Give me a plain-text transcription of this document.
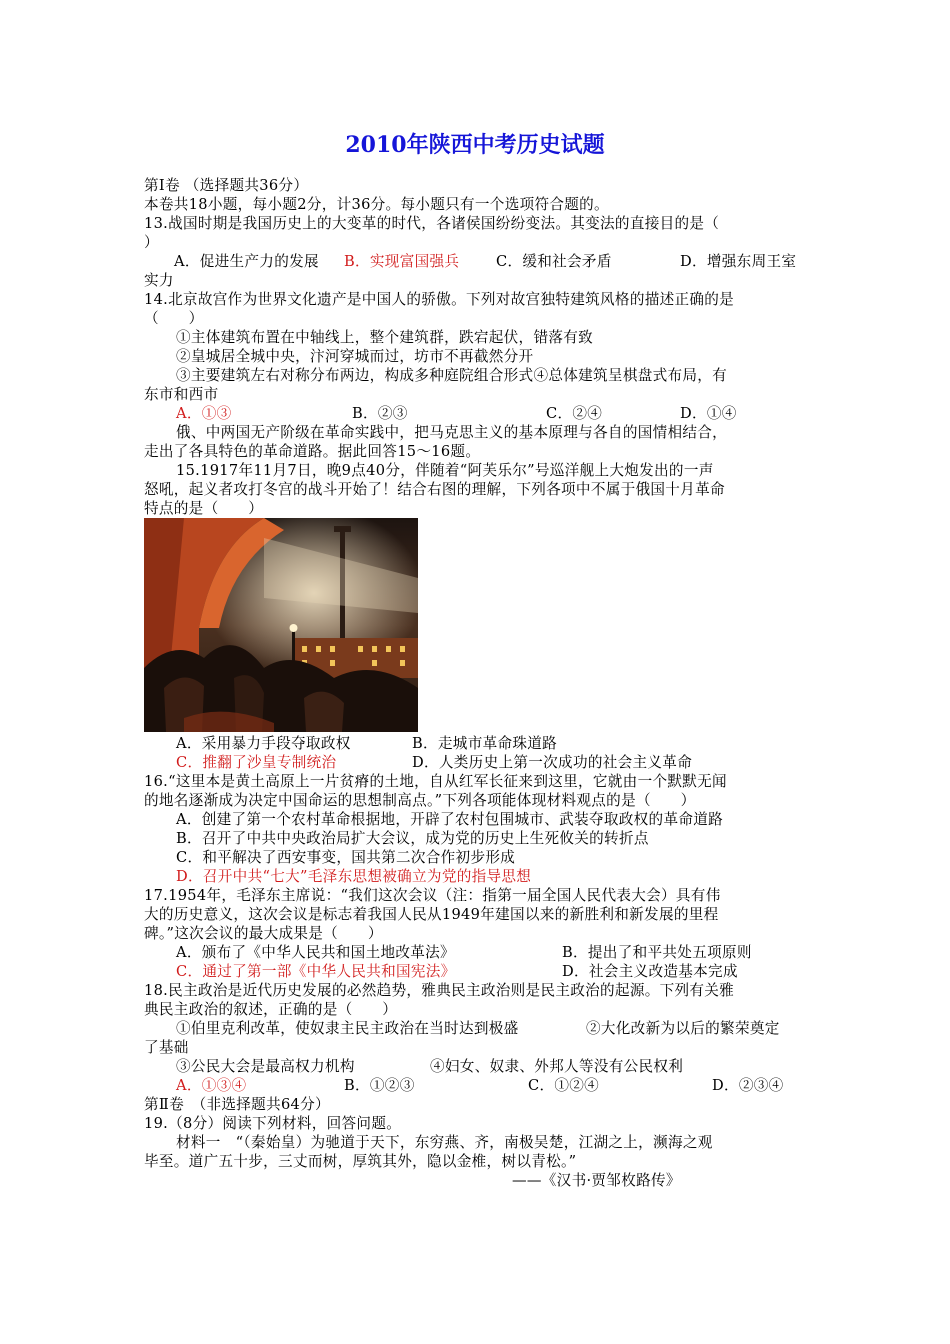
2010年陕西中考历史试题
第Ⅰ卷 （选择题共36分）
本卷共18小题，每小题2分，计36分。每小题只有一个选项符合题的。
13.战国时期是我国历史上的大变革的时代，各诸侯国纷纷变法。其变法的直接目的是（
）
A．促进生产力的发展 B．实现富国强兵	C．缓和社会矛盾	D．增强东周王室
实力
14.北京故宫作为世界文化遗产是中国人的骄傲。下列对故宫独特建筑风格的描述正确的是
（　　）
①主体建筑布置在中轴线上，整个建筑群，跌宕起伏，错落有致
②皇城居全城中央，汴河穿城而过，坊市不再截然分开
③主要建筑左右对称分布两边，构成多种庭院组合形式④总体建筑呈棋盘式布局，有
东市和西市
A．①③	B．②③	C．②④	D．①④
俄、中两国无产阶级在革命实践中，把马克思主义的基本原理与各自的国情相结合，
走出了各具特色的革命道路。据此回答15～16题。
15.1917年11月7日，晚9点40分，伴随着“阿芙乐尔”号巡洋舰上大炮发出的一声
怒吼，起义者攻打冬宫的战斗开始了！结合右图的理解，下列各项中不属于俄国十月革命
特点的是（　　）
A．采用暴力手段夺取政权	B．走城市革命珠道路
C．推翻了沙皇专制统治	D．人类历史上第一次成功的社会主义革命
16.“这里本是黄土高原上一片贫瘠的土地，自从红军长征来到这里，它就由一个默默无闻
的地名逐渐成为决定中国命运的思想制高点。”下列各项能体现材料观点的是（　　）
A．创建了第一个农村革命根据地，开辟了农村包围城市、武装夺取政权的革命道路
B．召开了中共中央政治局扩大会议，成为党的历史上生死攸关的转折点
C．和平解决了西安事变，国共第二次合作初步形成
D．召开中共“七大”毛泽东思想被确立为党的指导思想
17.1954年，毛泽东主席说：“我们这次会议（注：指第一届全国人民代表大会）具有伟
大的历史意义，这次会议是标志着我国人民从1949年建国以来的新胜利和新发展的里程
碑。”这次会议的最大成果是（　　）
A．颁布了《中华人民共和国土地改革法》	B．提出了和平共处五项原则
C．通过了第一部《中华人民共和国宪法》	D．社会主义改造基本完成
18.民主政治是近代历史发展的必然趋势，雅典民主政治则是民主政治的起源。下列有关雅
典民主政治的叙述，正确的是（　　）
①伯里克利改革，使奴隶主民主政治在当时达到极盛	②大化改新为以后的繁荣奠定
了基础
③公民大会是最高权力机构	④妇女、奴隶、外邦人等没有公民权利
A．①③④	B．①②③	C．①②④	D．②③④
第Ⅱ卷　（非选择题共64分）
19.（8分）阅读下列材料，回答问题。
材料一　“（秦始皇）为驰道于天下，东穷燕、齐，南极吴楚，江湖之上，濒海之观
毕至。道广五十步，三丈而树，厚筑其外，隐以金椎，树以青松。”
——《汉书·贾邹枚路传》
